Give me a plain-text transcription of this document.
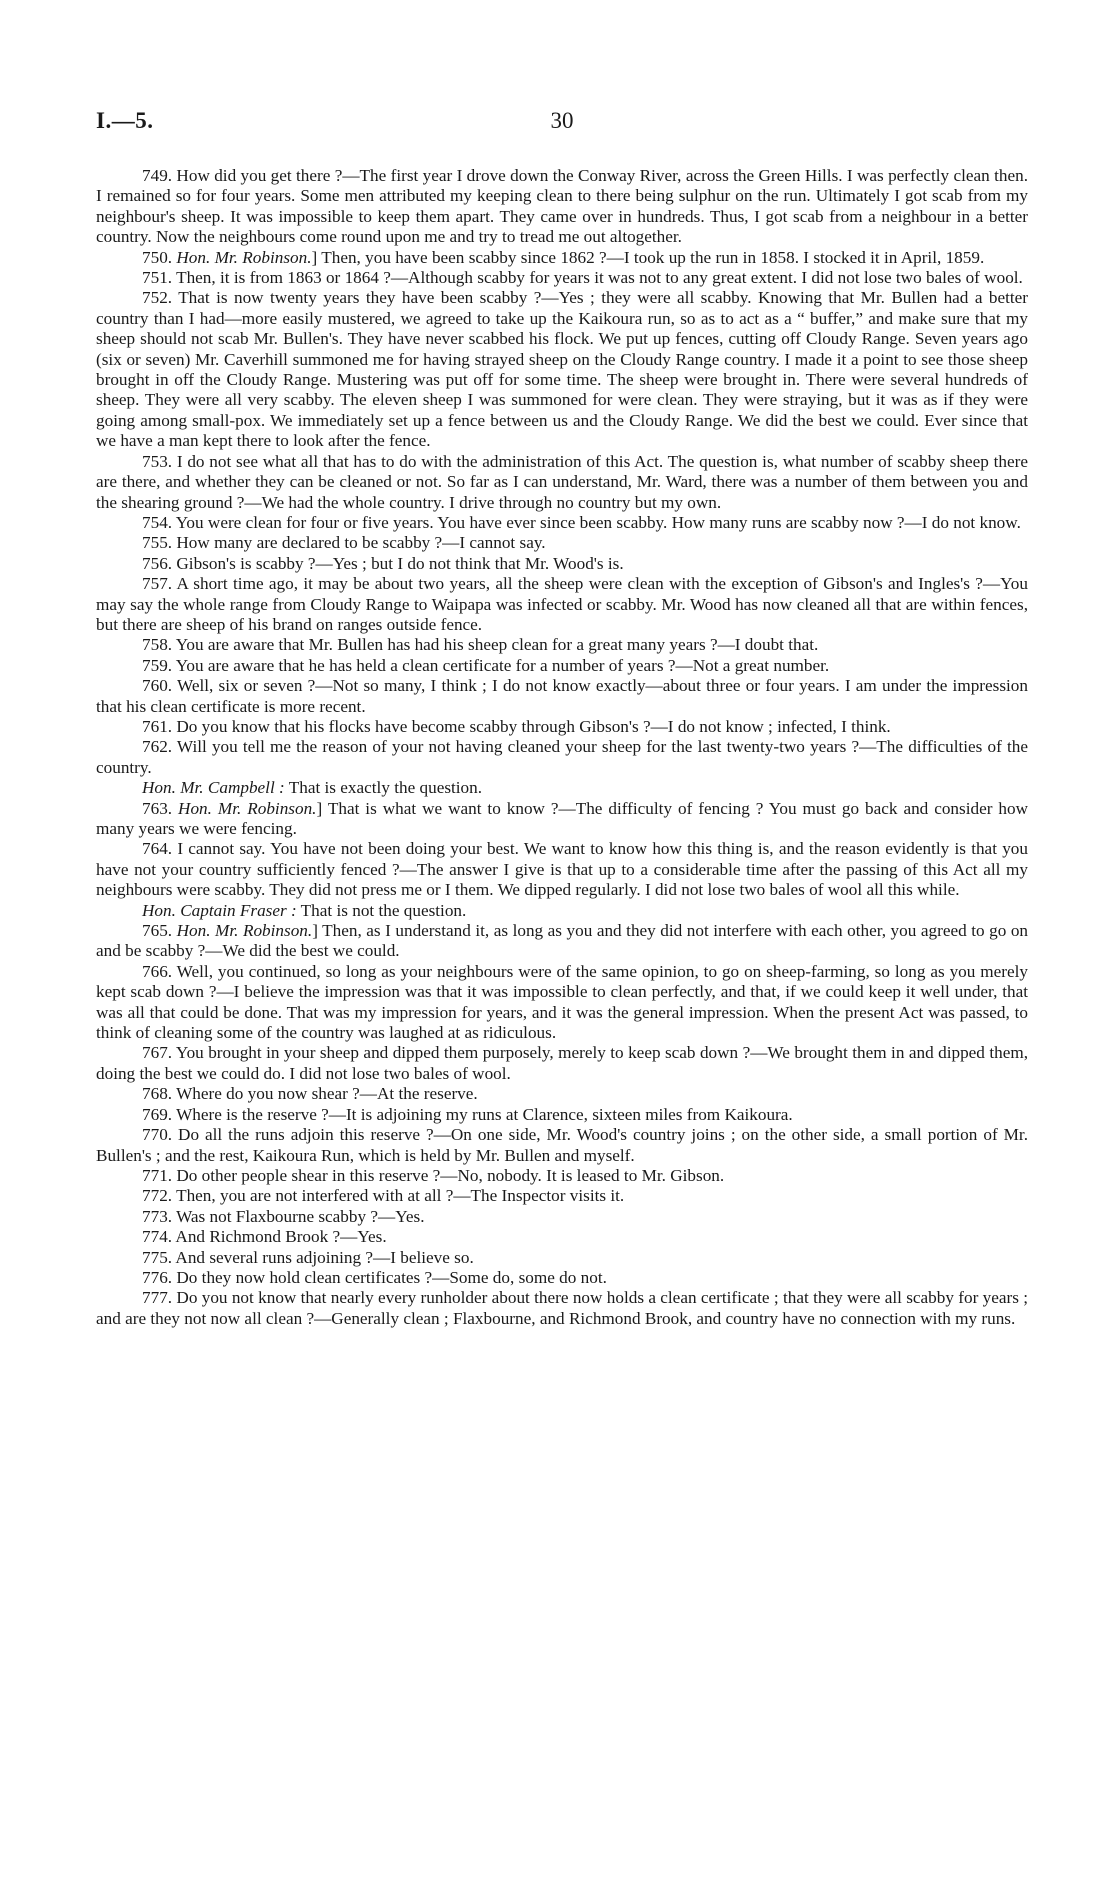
I.—5.	30

749. How did you get there ?—The first year I drove down the Conway River, across the Green Hills. I was perfectly clean then. I remained so for four years. Some men attributed my keeping clean to there being sulphur on the run. Ultimately I got scab from my neighbour's sheep. It was impossible to keep them apart. They came over in hundreds. Thus, I got scab from a neighbour in a better country. Now the neighbours come round upon me and try to tread me out altogether.

750. Hon. Mr. Robinson.] Then, you have been scabby since 1862 ?—I took up the run in 1858. I stocked it in April, 1859.

751. Then, it is from 1863 or 1864 ?—Although scabby for years it was not to any great extent. I did not lose two bales of wool.

752. That is now twenty years they have been scabby ?—Yes ; they were all scabby. Knowing that Mr. Bullen had a better country than I had—more easily mustered, we agreed to take up the Kaikoura run, so as to act as a “ buffer,” and make sure that my sheep should not scab Mr. Bullen's. They have never scabbed his flock. We put up fences, cutting off Cloudy Range. Seven years ago (six or seven) Mr. Caverhill summoned me for having strayed sheep on the Cloudy Range country. I made it a point to see those sheep brought in off the Cloudy Range. Mustering was put off for some time. The sheep were brought in. There were several hundreds of sheep. They were all very scabby. The eleven sheep I was summoned for were clean. They were straying, but it was as if they were going among small-pox. We immediately set up a fence between us and the Cloudy Range. We did the best we could. Ever since that we have a man kept there to look after the fence.

753. I do not see what all that has to do with the administration of this Act. The question is, what number of scabby sheep there are there, and whether they can be cleaned or not. So far as I can understand, Mr. Ward, there was a number of them between you and the shearing ground ?—We had the whole country. I drive through no country but my own.

754. You were clean for four or five years. You have ever since been scabby. How many runs are scabby now ?—I do not know.

755. How many are declared to be scabby ?—I cannot say.

756. Gibson's is scabby ?—Yes ; but I do not think that Mr. Wood's is.

757. A short time ago, it may be about two years, all the sheep were clean with the exception of Gibson's and Ingles's ?—You may say the whole range from Cloudy Range to Waipapa was infected or scabby. Mr. Wood has now cleaned all that are within fences, but there are sheep of his brand on ranges outside fence.

758. You are aware that Mr. Bullen has had his sheep clean for a great many years ?—I doubt that.

759. You are aware that he has held a clean certificate for a number of years ?—Not a great number.

760. Well, six or seven ?—Not so many, I think ; I do not know exactly—about three or four years. I am under the impression that his clean certificate is more recent.

761. Do you know that his flocks have become scabby through Gibson's ?—I do not know ; infected, I think.

762. Will you tell me the reason of your not having cleaned your sheep for the last twenty-two years ?—The difficulties of the country.

Hon. Mr. Campbell : That is exactly the question.

763. Hon. Mr. Robinson.] That is what we want to know ?—The difficulty of fencing ? You must go back and consider how many years we were fencing.

764. I cannot say. You have not been doing your best. We want to know how this thing is, and the reason evidently is that you have not your country sufficiently fenced ?—The answer I give is that up to a considerable time after the passing of this Act all my neighbours were scabby. They did not press me or I them. We dipped regularly. I did not lose two bales of wool all this while.

Hon. Captain Fraser : That is not the question.

765. Hon. Mr. Robinson.] Then, as I understand it, as long as you and they did not interfere with each other, you agreed to go on and be scabby ?—We did the best we could.

766. Well, you continued, so long as your neighbours were of the same opinion, to go on sheep-farming, so long as you merely kept scab down ?—I believe the impression was that it was impossible to clean perfectly, and that, if we could keep it well under, that was all that could be done. That was my impression for years, and it was the general impression. When the present Act was passed, to think of cleaning some of the country was laughed at as ridiculous.

767. You brought in your sheep and dipped them purposely, merely to keep scab down ?—We brought them in and dipped them, doing the best we could do. I did not lose two bales of wool.

768. Where do you now shear ?—At the reserve.

769. Where is the reserve ?—It is adjoining my runs at Clarence, sixteen miles from Kaikoura.

770. Do all the runs adjoin this reserve ?—On one side, Mr. Wood's country joins ; on the other side, a small portion of Mr. Bullen's ; and the rest, Kaikoura Run, which is held by Mr. Bullen and myself.

771. Do other people shear in this reserve ?—No, nobody. It is leased to Mr. Gibson.

772. Then, you are not interfered with at all ?—The Inspector visits it.

773. Was not Flaxbourne scabby ?—Yes.

774. And Richmond Brook ?—Yes.

775. And several runs adjoining ?—I believe so.

776. Do they now hold clean certificates ?—Some do, some do not.

777. Do you not know that nearly every runholder about there now holds a clean certificate ; that they were all scabby for years ; and are they not now all clean ?—Generally clean ; Flaxbourne, and Richmond Brook, and country have no connection with my runs.
